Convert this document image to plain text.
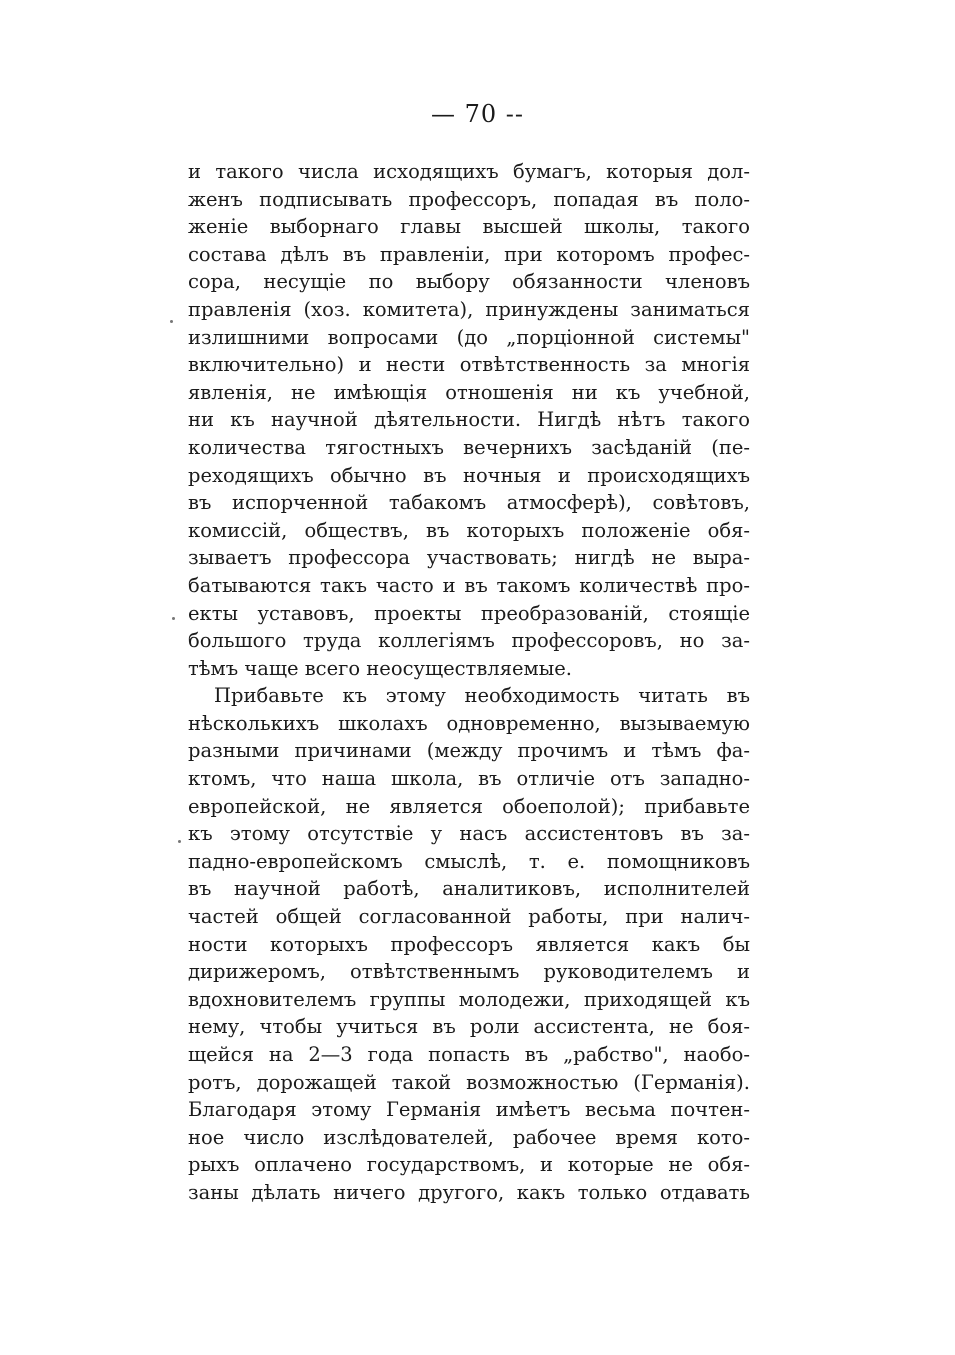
— 70 --
и такого числа исходящихъ бумагъ, которыя дол-
женъ подписывать профессоръ, попадая въ поло-
женiе выборнаго главы высшей школы, такого
состава дѣлъ въ правленiи, при которомъ профес-
сора, несущiе по выбору обязанности членовъ
правленiя (хоз. комитета), принуждены заниматься
излишними вопросами (до „порцiонной системы"
включительно) и нести отвѣтственность за многiя
явленiя, не имѣющiя отношенiя ни къ учебной,
ни къ научной дѣятельности. Нигдѣ нѣтъ такого
количества тягостныхъ вечернихъ засѣданiй (пе-
реходящихъ обычно въ ночныя и происходящихъ
въ испорченной табакомъ атмосферѣ), совѣтовъ,
комиссiй, обществъ, въ которыхъ положенiе обя-
зываетъ профессора участвовать; нигдѣ не выра-
батываются такъ часто и въ такомъ количествѣ про-
екты уставовъ, проекты преобразованiй, стоящiе
большого труда коллегiямъ профессоровъ, но за-
тѣмъ чаще всего неосуществляемые.
Прибавьте къ этому необходимость читать въ
нѣсколькихъ школахъ одновременно, вызываемую
разными причинами (между прочимъ и тѣмъ фа-
ктомъ, что наша школа, въ отличiе отъ западно-
европейской, не является обоеполой); прибавьте
къ этому отсутствiе у насъ ассистентовъ въ за-
падно-европейскомъ смыслѣ, т. е. помощниковъ
въ научной работѣ, аналитиковъ, исполнителей
частей общей согласованной работы, при налич-
ности которыхъ профессоръ является какъ бы
дирижеромъ, отвѣтственнымъ руководителемъ и
вдохновителемъ группы молодежи, приходящей къ
нему, чтобы учиться въ роли ассистента, не боя-
щейся на 2—3 года попасть въ „рабство", наобо-
ротъ, дорожащей такой возможностью (Германiя).
Благодаря этому Германiя имѣетъ весьма почтен-
ное число изслѣдователей, рабочее время кото-
рыхъ оплачено государствомъ, и которые не обя-
заны дѣлать ничего другого, какъ только отдавать
